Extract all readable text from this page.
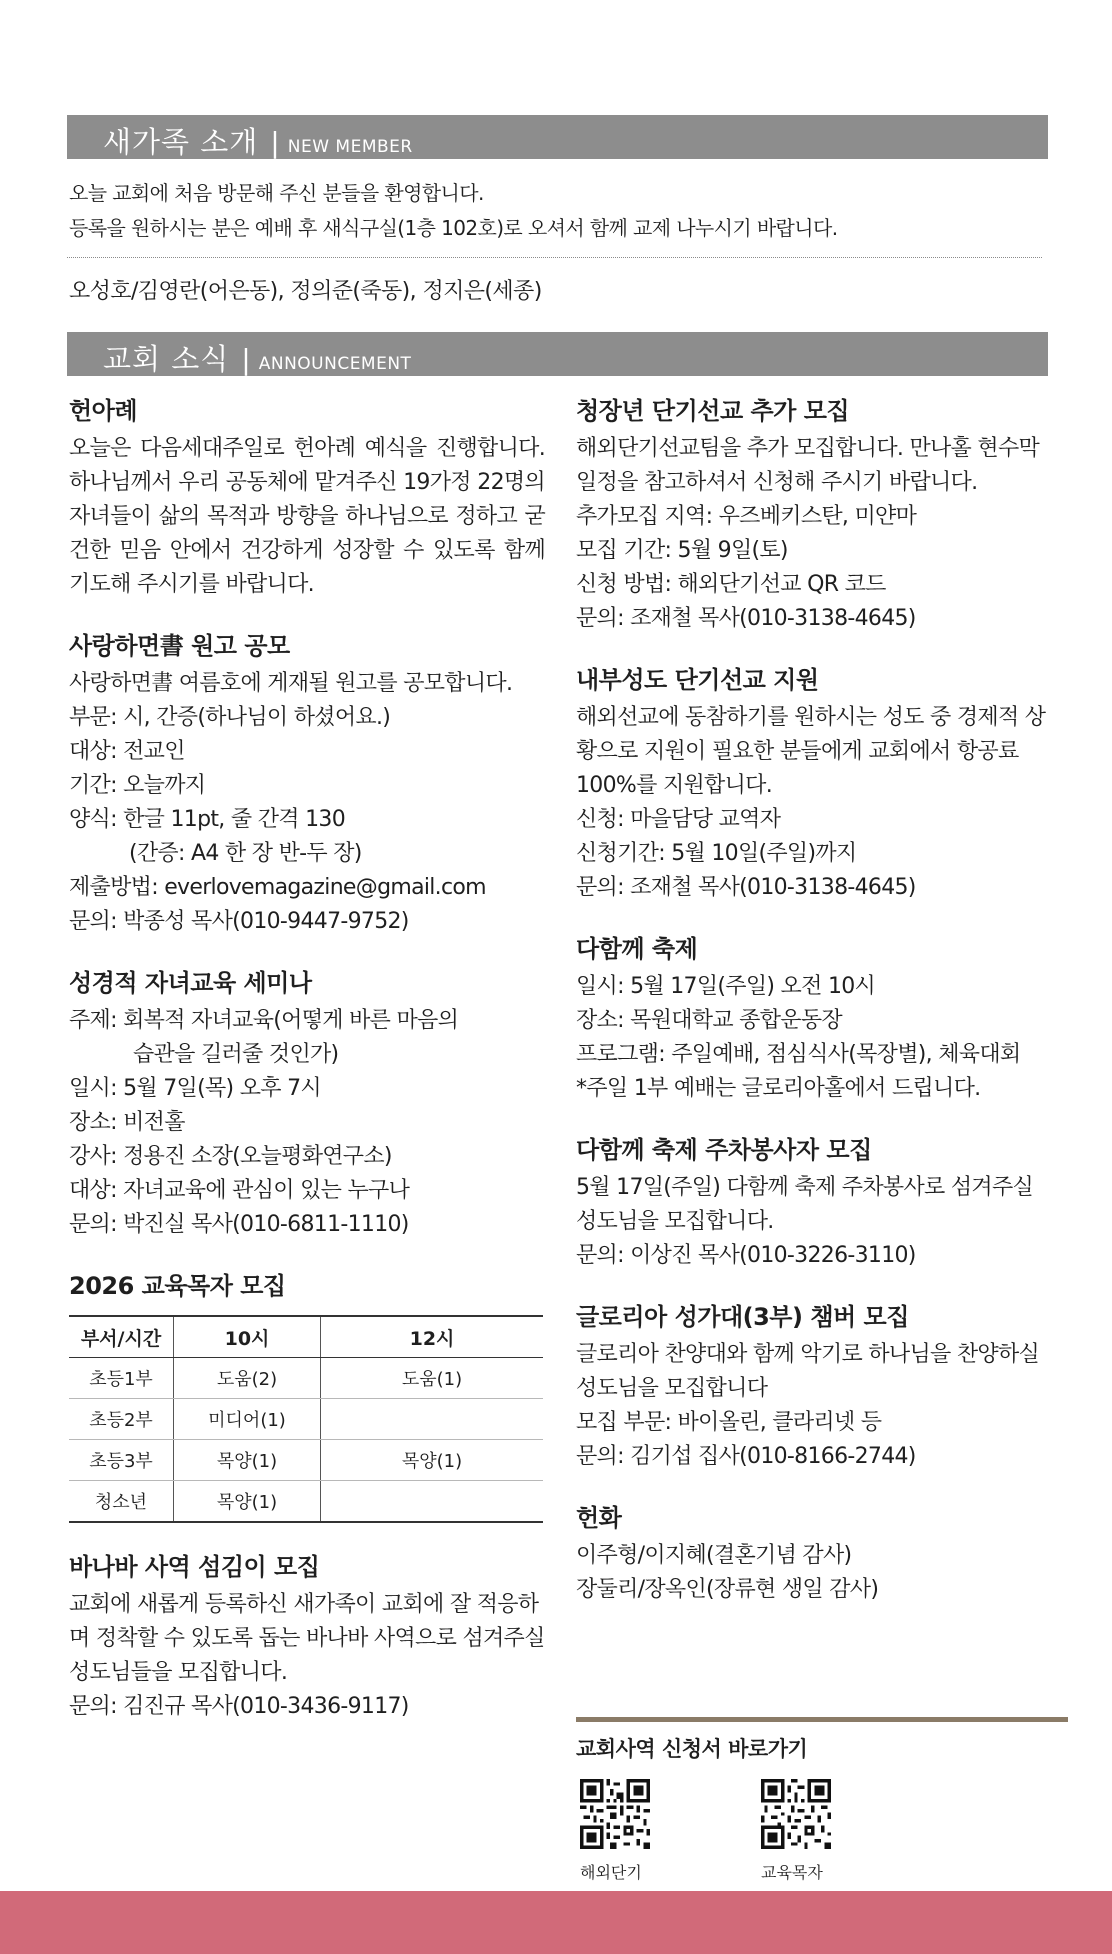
새가족 소개 | NEW MEMBER
오늘 교회에 처음 방문해 주신 분들을 환영합니다.
등록을 원하시는 분은 예배 후 새식구실(1층 102호)로 오셔서 함께 교제 나누시기 바랍니다.
오성호/김영란(어은동), 정의준(죽동), 정지은(세종)
교회 소식 | ANNOUNCEMENT
헌아례
오늘은 다음세대주일로 헌아례 예식을 진행합니다. 하나님께서 우리 공동체에 맡겨주신 19가정 22명의 자녀들이 삶의 목적과 방향을 하나님으로 정하고 굳건한 믿음 안에서 건강하게 성장할 수 있도록 함께 기도해 주시기를 바랍니다.
사랑하면書 원고 공모
사랑하면書 여름호에 게재될 원고를 공모합니다.
부문: 시, 간증(하나님이 하셨어요.)
대상: 전교인
기간: 오늘까지
양식: 한글 11pt, 줄 간격 130
(간증: A4 한 장 반-두 장)
제출방법: everlovemagazine@gmail.com
문의: 박종성 목사(010-9447-9752)
성경적 자녀교육 세미나
주제: 회복적 자녀교육(어떻게 바른 마음의
습관을 길러줄 것인가)
일시: 5월 7일(목) 오후 7시
장소: 비전홀
강사: 정용진 소장(오늘평화연구소)
대상: 자녀교육에 관심이 있는 누구나
문의: 박진실 목사(010-6811-1110)
2026 교육목자 모집
부서/시간	10시	12시
초등1부	도움(2)	도움(1)
초등2부	미디어(1)	
초등3부	목양(1)	목양(1)
청소년	목양(1)	
바나바 사역 섬김이 모집
교회에 새롭게 등록하신 새가족이 교회에 잘 적응하며 정착할 수 있도록 돕는 바나바 사역으로 섬겨주실 성도님들을 모집합니다.
문의: 김진규 목사(010-3436-9117)
청장년 단기선교 추가 모집
해외단기선교팀을 추가 모집합니다. 만나홀 현수막 일정을 참고하셔서 신청해 주시기 바랍니다.
추가모집 지역: 우즈베키스탄, 미얀마
모집 기간: 5월 9일(토)
신청 방법: 해외단기선교 QR 코드
문의: 조재철 목사(010-3138-4645)
내부성도 단기선교 지원
해외선교에 동참하기를 원하시는 성도 중 경제적 상황으로 지원이 필요한 분들에게 교회에서 항공료 100%를 지원합니다.
신청: 마을담당 교역자
신청기간: 5월 10일(주일)까지
문의: 조재철 목사(010-3138-4645)
다함께 축제
일시: 5월 17일(주일) 오전 10시
장소: 목원대학교 종합운동장
프로그램: 주일예배, 점심식사(목장별), 체육대회
*주일 1부 예배는 글로리아홀에서 드립니다.
다함께 축제 주차봉사자 모집
5월 17일(주일) 다함께 축제 주차봉사로 섬겨주실 성도님을 모집합니다.
문의: 이상진 목사(010-3226-3110)
글로리아 성가대(3부) 챔버 모집
글로리아 찬양대와 함께 악기로 하나님을 찬양하실 성도님을 모집합니다
모집 부문: 바이올린, 클라리넷 등
문의: 김기섭 집사(010-8166-2744)
헌화
이주형/이지혜(결혼기념 감사)
장둘리/장옥인(장류현 생일 감사)
교회사역 신청서 바로가기
해외단기	교육목자
